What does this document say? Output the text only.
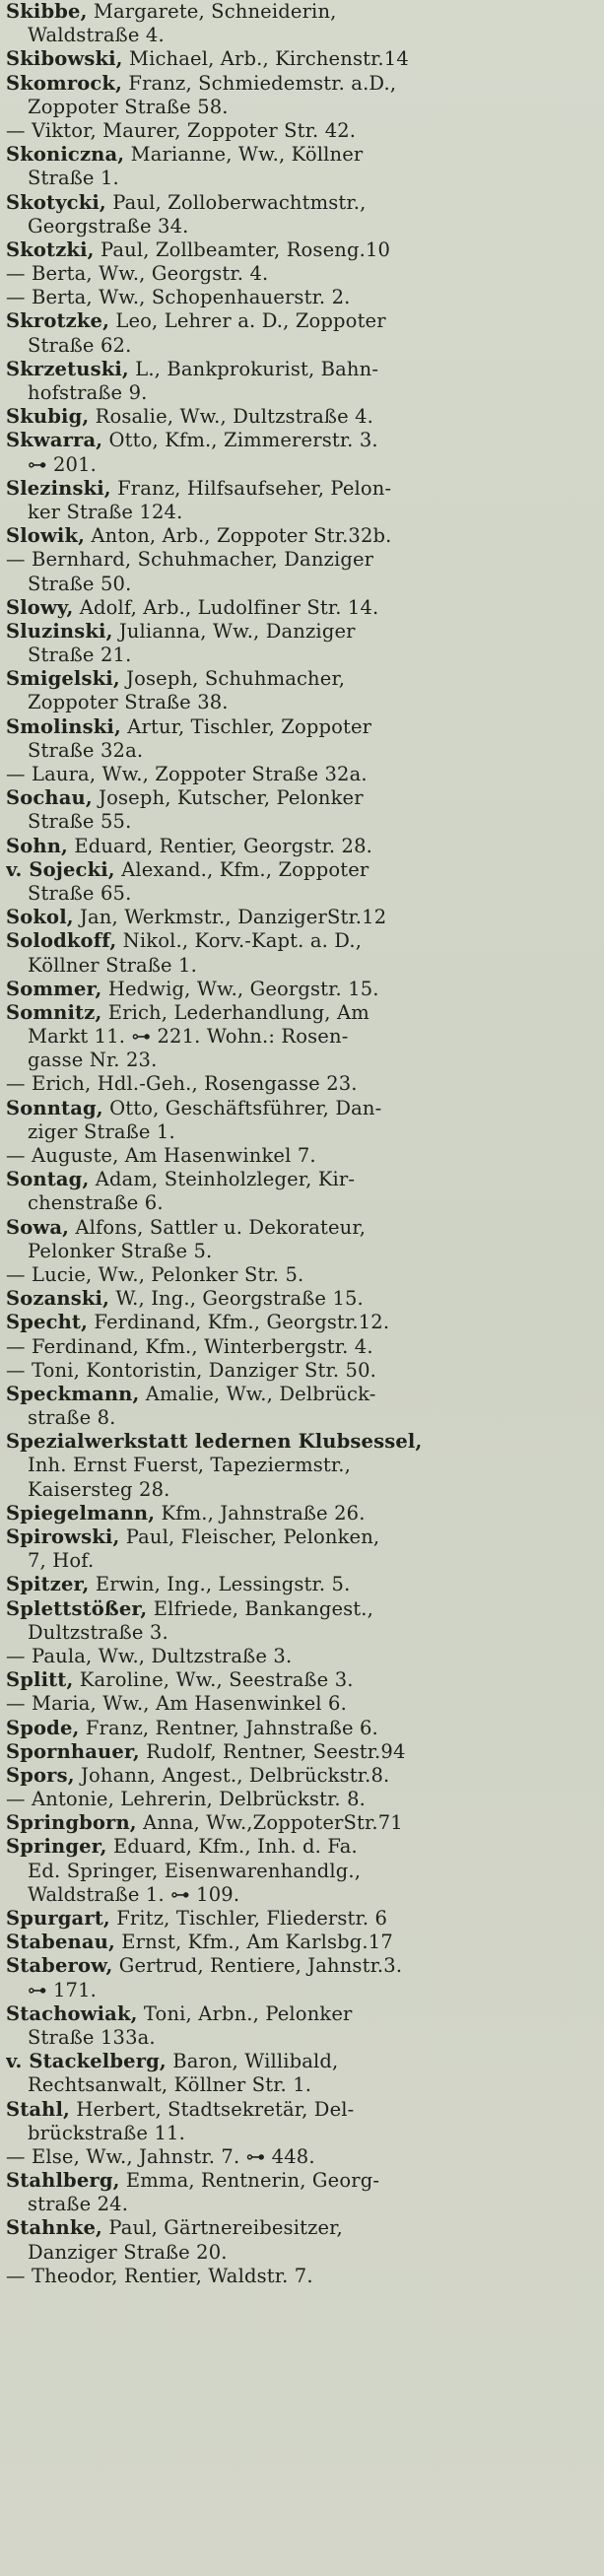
Skibbe, Margarete, Schneiderin,
Waldstraße 4.
Skibowski, Michael, Arb., Kirchenstr.14
Skomrock, Franz, Schmiedemstr. a.D.,
Zoppoter Straße 58.
— Viktor, Maurer, Zoppoter Str. 42.
Skoniczna, Marianne, Ww., Köllner
Straße 1.
Skotycki, Paul, Zolloberwachtmstr.,
Georgstraße 34.
Skotzki, Paul, Zollbeamter, Roseng.10
— Berta, Ww., Georgstr. 4.
— Berta, Ww., Schopenhauerstr. 2.
Skrotzke, Leo, Lehrer a. D., Zoppoter
Straße 62.
Skrzetuski, L., Bankprokurist, Bahn-
hofstraße 9.
Skubig, Rosalie, Ww., Dultzstraße 4.
Skwarra, Otto, Kfm., Zimmererstr. 3.
⊶ 201.
Slezinski, Franz, Hilfsaufseher, Pelon-
ker Straße 124.
Slowik, Anton, Arb., Zoppoter Str.32b.
— Bernhard, Schuhmacher, Danziger
Straße 50.
Slowy, Adolf, Arb., Ludolfiner Str. 14.
Sluzinski, Julianna, Ww., Danziger
Straße 21.
Smigelski, Joseph, Schuhmacher,
Zoppoter Straße 38.
Smolinski, Artur, Tischler, Zoppoter
Straße 32a.
— Laura, Ww., Zoppoter Straße 32a.
Sochau, Joseph, Kutscher, Pelonker
Straße 55.
Sohn, Eduard, Rentier, Georgstr. 28.
v. Sojecki, Alexand., Kfm., Zoppoter
Straße 65.
Sokol, Jan, Werkmstr., DanzigerStr.12
Solodkoff, Nikol., Korv.-Kapt. a. D.,
Köllner Straße 1.
Sommer, Hedwig, Ww., Georgstr. 15.
Somnitz, Erich, Lederhandlung, Am
Markt 11. ⊶ 221. Wohn.: Rosen-
gasse Nr. 23.
— Erich, Hdl.-Geh., Rosengasse 23.
Sonntag, Otto, Geschäftsführer, Dan-
ziger Straße 1.
— Auguste, Am Hasenwinkel 7.
Sontag, Adam, Steinholzleger, Kir-
chenstraße 6.
Sowa, Alfons, Sattler u. Dekorateur,
Pelonker Straße 5.
— Lucie, Ww., Pelonker Str. 5.
Sozanski, W., Ing., Georgstraße 15.
Specht, Ferdinand, Kfm., Georgstr.12.
— Ferdinand, Kfm., Winterbergstr. 4.
— Toni, Kontoristin, Danziger Str. 50.
Speckmann, Amalie, Ww., Delbrück-
straße 8.
Spezialwerkstatt ledernen Klubsessel,
Inh. Ernst Fuerst, Tapeziermstr.,
Kaisersteg 28.
Spiegelmann, Kfm., Jahnstraße 26.
Spirowski, Paul, Fleischer, Pelonken,
7, Hof.
Spitzer, Erwin, Ing., Lessingstr. 5.
Splettstößer, Elfriede, Bankangest.,
Dultzstraße 3.
— Paula, Ww., Dultzstraße 3.
Splitt, Karoline, Ww., Seestraße 3.
— Maria, Ww., Am Hasenwinkel 6.
Spode, Franz, Rentner, Jahnstraße 6.
Spornhauer, Rudolf, Rentner, Seestr.94
Spors, Johann, Angest., Delbrückstr.8.
— Antonie, Lehrerin, Delbrückstr. 8.
Springborn, Anna, Ww.,ZoppoterStr.71
Springer, Eduard, Kfm., Inh. d. Fa.
Ed. Springer, Eisenwarenhandlg.,
Waldstraße 1. ⊶ 109.
Spurgart, Fritz, Tischler, Fliederstr. 6
Stabenau, Ernst, Kfm., Am Karlsbg.17
Staberow, Gertrud, Rentiere, Jahnstr.3.
⊶ 171.
Stachowiak, Toni, Arbn., Pelonker
Straße 133a.
v. Stackelberg, Baron, Willibald,
Rechtsanwalt, Köllner Str. 1.
Stahl, Herbert, Stadtsekretär, Del-
brückstraße 11.
— Else, Ww., Jahnstr. 7. ⊶ 448.
Stahlberg, Emma, Rentnerin, Georg-
straße 24.
Stahnke, Paul, Gärtnereibesitzer,
Danziger Straße 20.
— Theodor, Rentier, Waldstr. 7.
